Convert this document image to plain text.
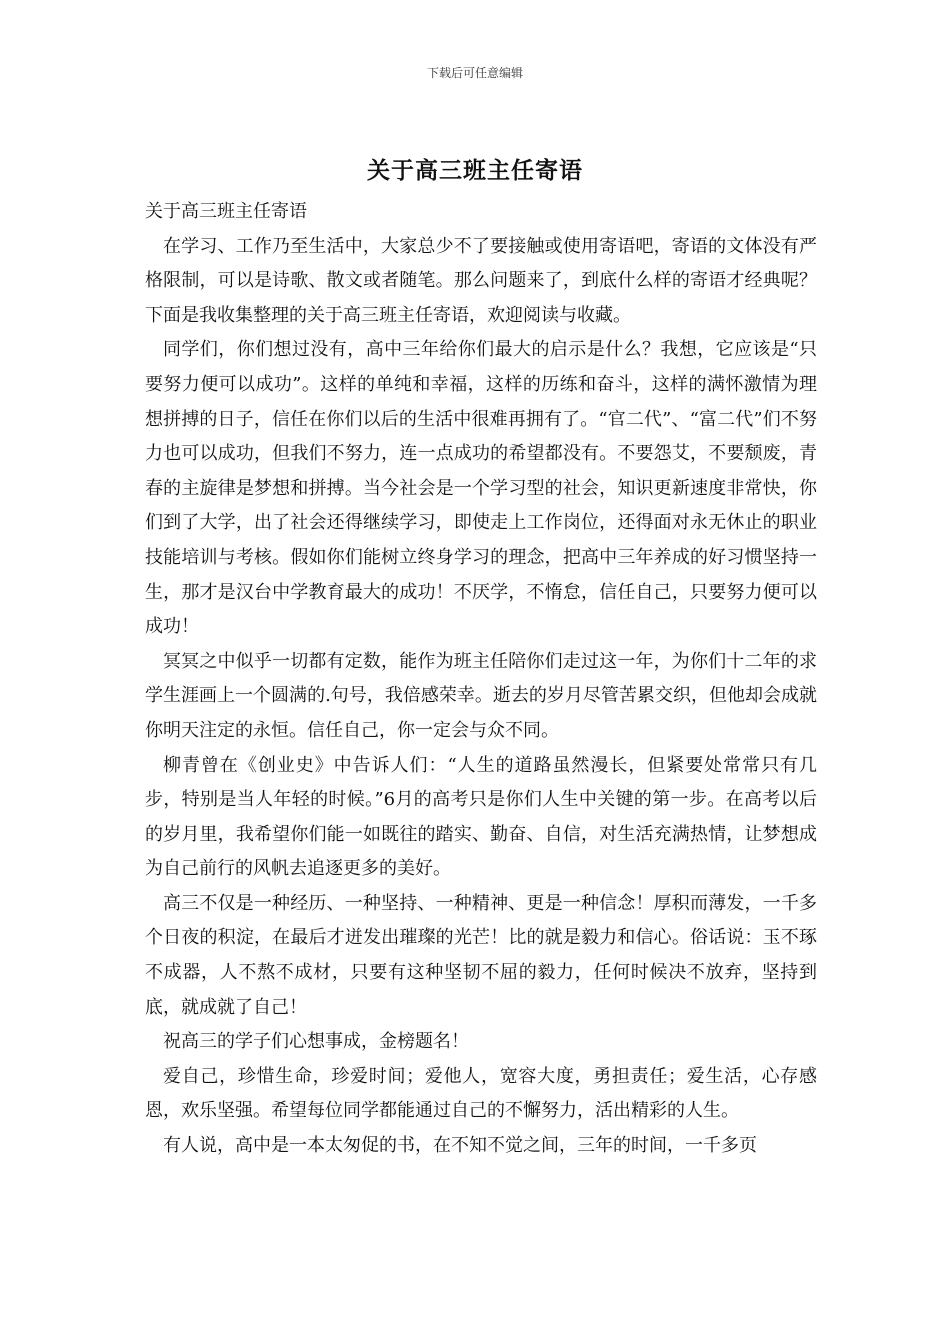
下载后可任意编辑
关于高三班主任寄语

关于高三班主任寄语

在学习、工作乃至生活中，大家总少不了要接触或使用寄语吧，寄语的文体没有严格限制，可以是诗歌、散文或者随笔。那么问题来了，到底什么样的寄语才经典呢？下面是我收集整理的关于高三班主任寄语，欢迎阅读与收藏。

同学们，你们想过没有，高中三年给你们最大的启示是什么？我想，它应该是“只要努力便可以成功”。这样的单纯和幸福，这样的历练和奋斗，这样的满怀激情为理想拼搏的日子，信任在你们以后的生活中很难再拥有了。“官二代”、“富二代”们不努力也可以成功，但我们不努力，连一点成功的希望都没有。不要怨艾，不要颓废，青春的主旋律是梦想和拼搏。当今社会是一个学习型的社会，知识更新速度非常快，你们到了大学，出了社会还得继续学习，即使走上工作岗位，还得面对永无休止的职业技能培训与考核。假如你们能树立终身学习的理念，把高中三年养成的好习惯坚持一生，那才是汉台中学教育最大的成功！不厌学，不惰怠，信任自己，只要努力便可以成功！

冥冥之中似乎一切都有定数，能作为班主任陪你们走过这一年，为你们十二年的求学生涯画上一个圆满的.句号，我倍感荣幸。逝去的岁月尽管苦累交织，但他却会成就你明天注定的永恒。信任自己，你一定会与众不同。

柳青曾在《创业史》中告诉人们：“人生的道路虽然漫长，但紧要处常常只有几步，特别是当人年轻的时候。”6月的高考只是你们人生中关键的第一步。在高考以后的岁月里，我希望你们能一如既往的踏实、勤奋、自信，对生活充满热情，让梦想成为自己前行的风帆去追逐更多的美好。

高三不仅是一种经历、一种坚持、一种精神、更是一种信念！厚积而薄发，一千多个日夜的积淀，在最后才迸发出璀璨的光芒！比的就是毅力和信心。俗话说：玉不琢不成器，人不熬不成材，只要有这种坚韧不屈的毅力，任何时候决不放弃，坚持到底，就成就了自己！

祝高三的学子们心想事成，金榜题名！

爱自己，珍惜生命，珍爱时间；爱他人，宽容大度，勇担责任；爱生活，心存感恩，欢乐坚强。希望每位同学都能通过自己的不懈努力，活出精彩的人生。

有人说，高中是一本太匆促的书，在不知不觉之间，三年的时间，一千多页
